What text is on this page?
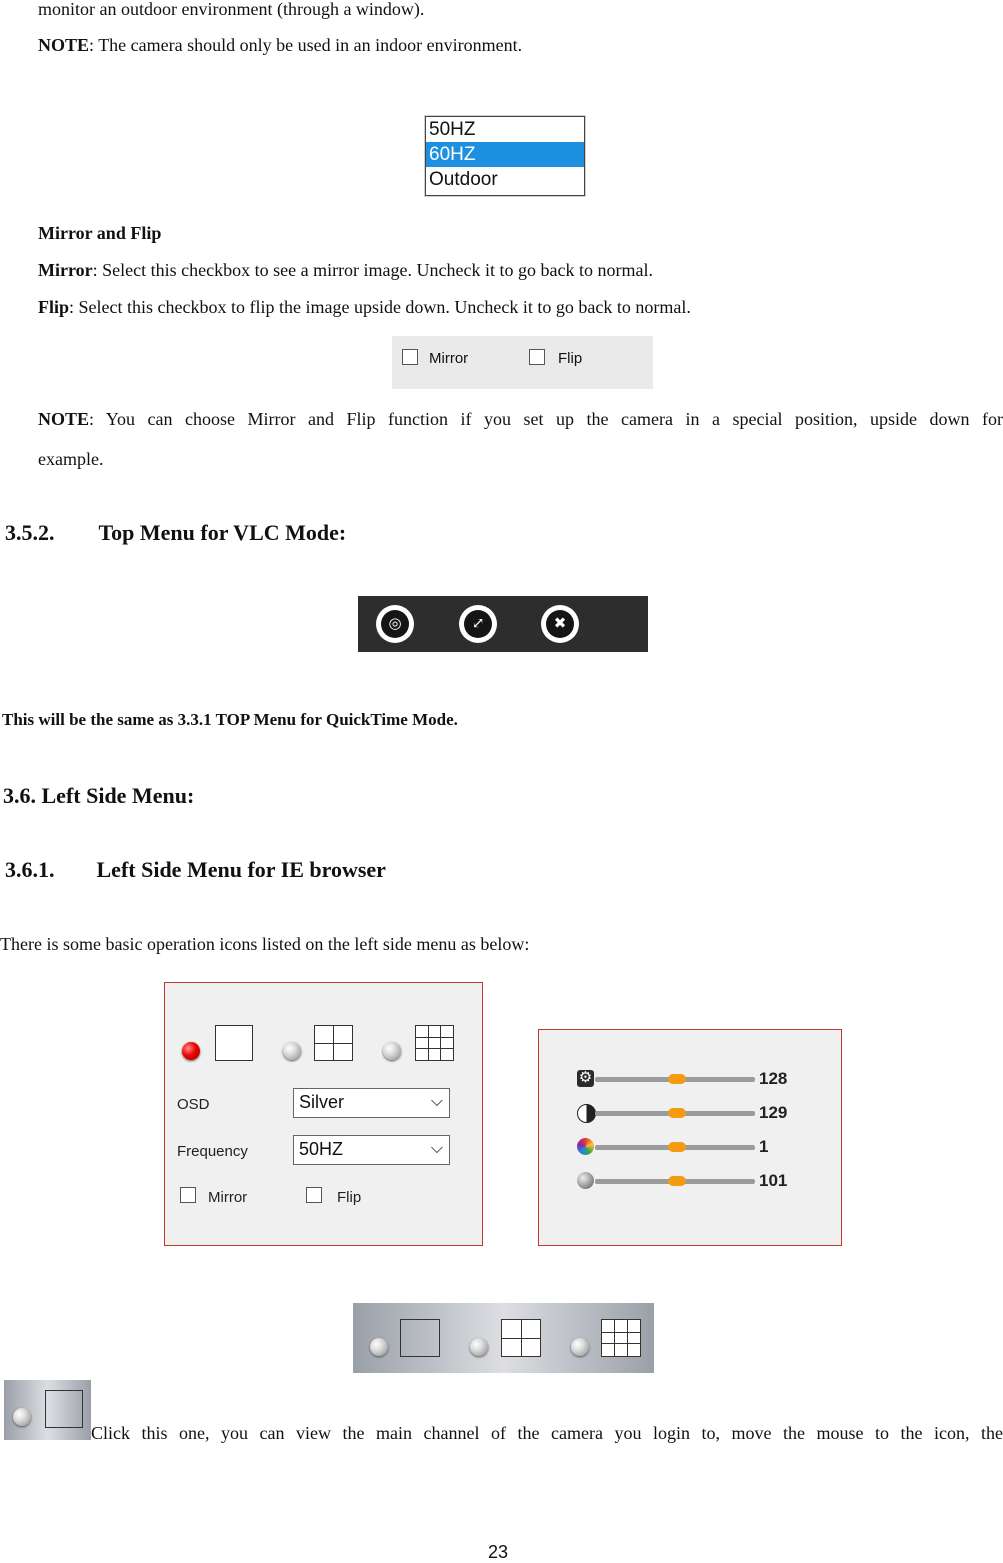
monitor an outdoor environment (through a window).
NOTE: The camera should only be used in an indoor environment.
50HZ
60HZ
Outdoor
Mirror and Flip
Mirror: Select this checkbox to see a mirror image. Uncheck it to go back to normal.
Flip: Select this checkbox to flip the image upside down. Uncheck it to go back to normal.
Mirror	Flip
NOTE: You can choose Mirror and Flip function if you set up the camera in a special position, upside down for
example.
3.5.2. Top Menu for VLC Mode:
◎	⤢	✖
This will be the same as 3.3.1 TOP Menu for QuickTime Mode.
3.6. Left Side Menu:
3.6.1. Left Side Menu for IE browser
There is some basic operation icons listed on the left side menu as below:
OSD	Silver	⌵
Frequency	50HZ	⌵
Mirror	Flip
⚙	128
129
1
101
Click this one, you can view the main channel of the camera you login to, move the mouse to the icon, the
23
